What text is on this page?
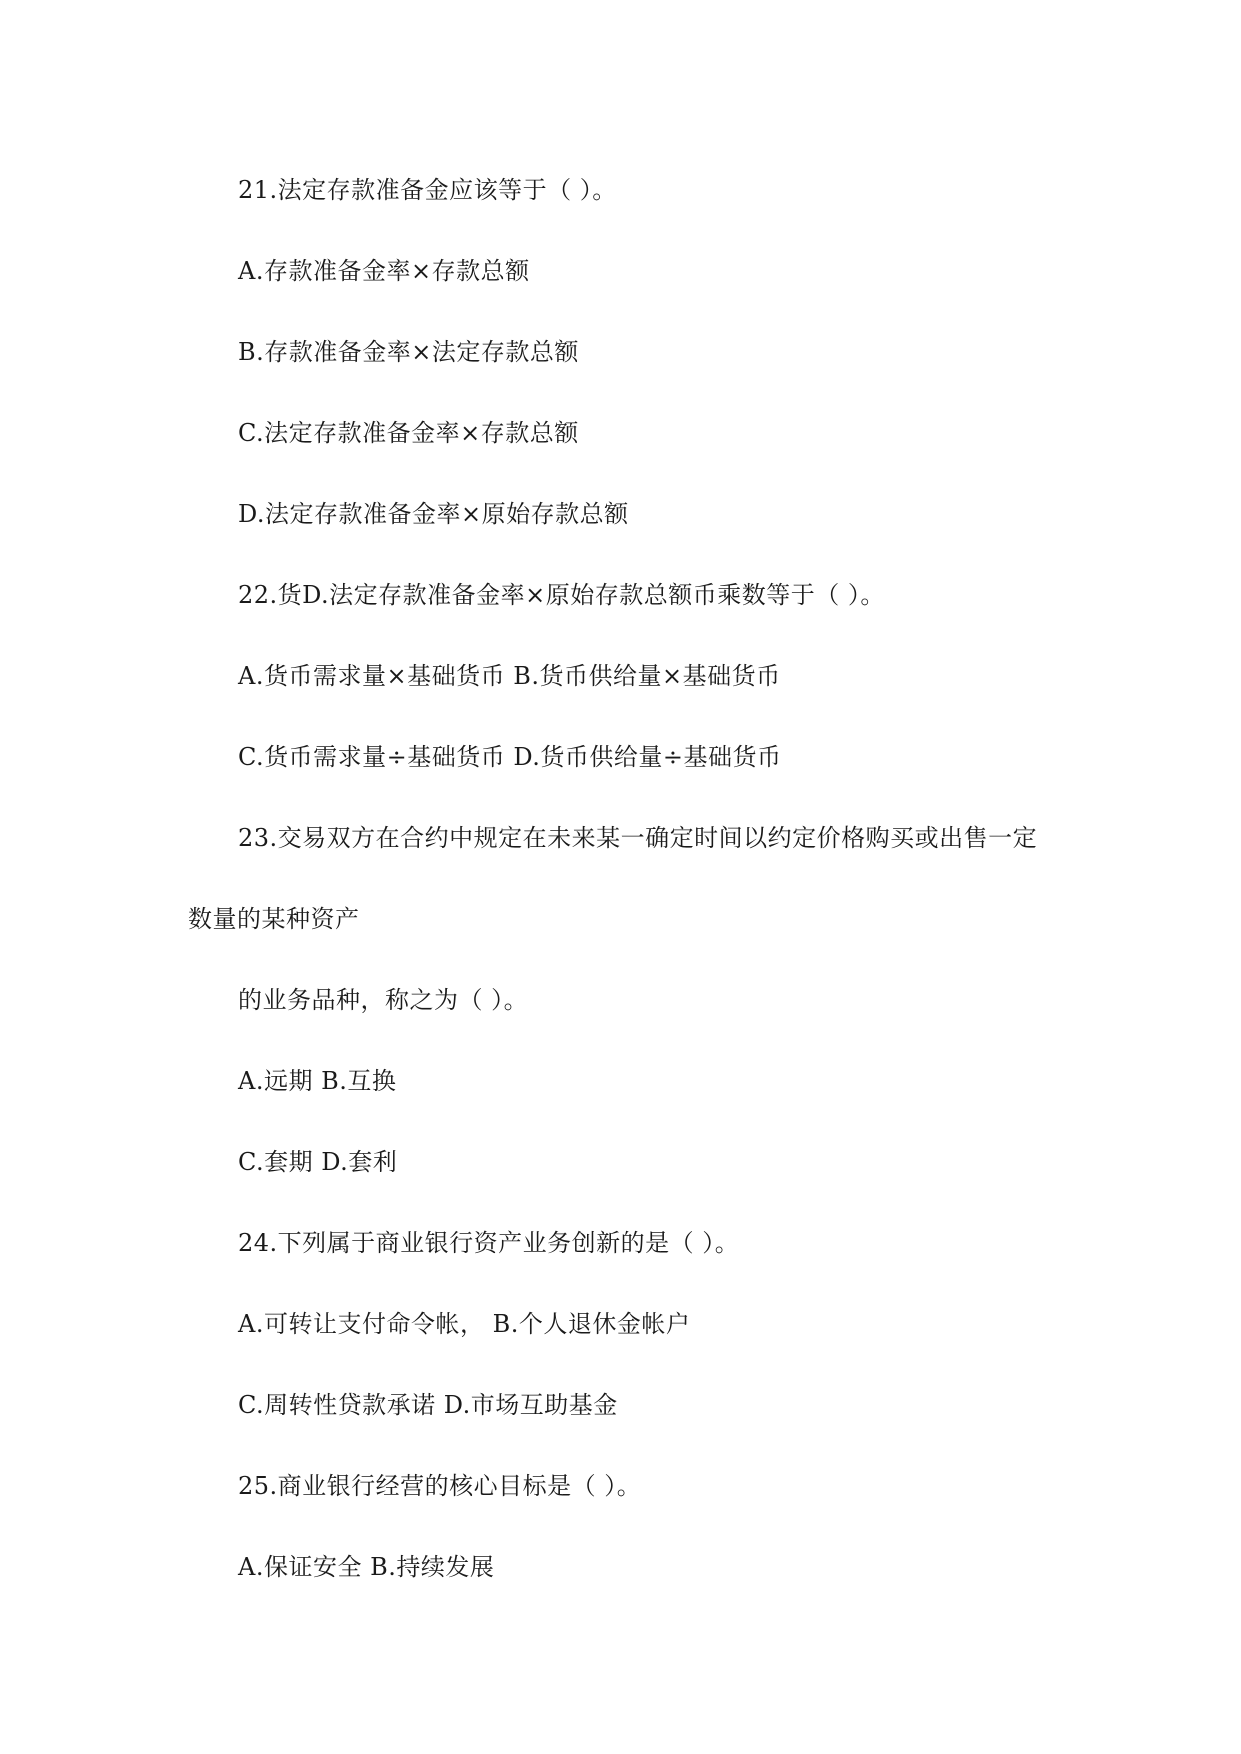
21.法定存款准备金应该等于（ ）。
A.存款准备金率×存款总额
B.存款准备金率×法定存款总额
C.法定存款准备金率×存款总额
D.法定存款准备金率×原始存款总额
22.货D.法定存款准备金率×原始存款总额币乘数等于（ ）。
A.货币需求量×基础货币 B.货币供给量×基础货币
C.货币需求量÷基础货币 D.货币供给量÷基础货币
23.交易双方在合约中规定在未来某一确定时间以约定价格购买或出售一定
数量的某种资产
的业务品种，称之为（ ）。
A.远期 B.互换
C.套期 D.套利
24.下列属于商业银行资产业务创新的是（ ）。
A.可转让支付命令帐， B.个人退休金帐户
C.周转性贷款承诺 D.市场互助基金
25.商业银行经营的核心目标是（ ）。
A.保证安全 B.持续发展
